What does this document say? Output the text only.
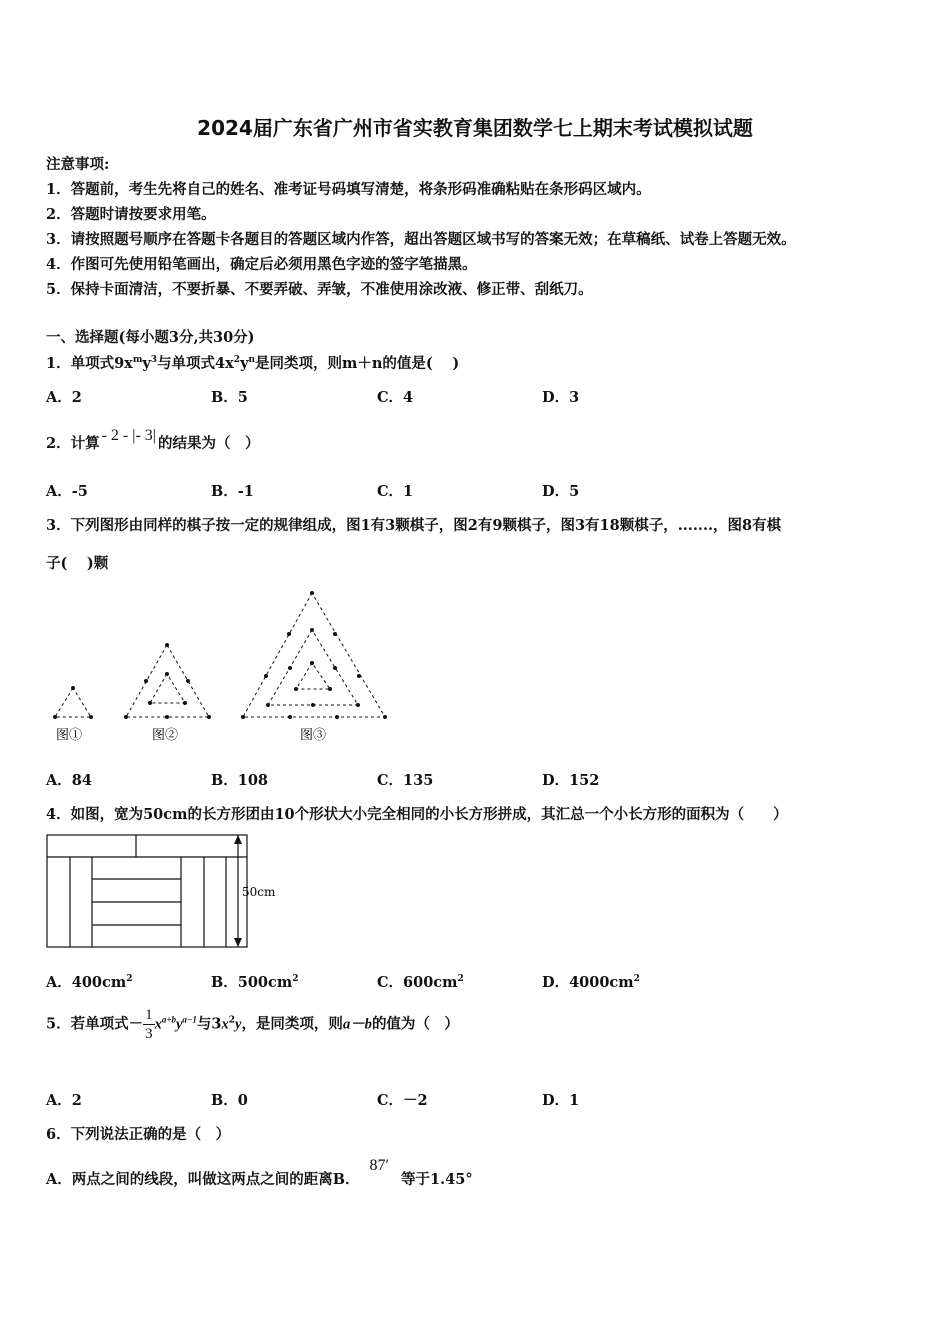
2024届广东省广州市省实教育集团数学七上期末考试模拟试题
注意事项:
1．答题前，考生先将自己的姓名、准考证号码填写清楚，将条形码准确粘贴在条形码区域内。
2．答题时请按要求用笔。
3．请按照题号顺序在答题卡各题目的答题区域内作答，超出答题区域书写的答案无效；在草稿纸、试卷上答题无效。
4．作图可先使用铅笔画出，确定后必须用黑色字迹的签字笔描黑。
5．保持卡面清洁，不要折暴、不要弄破、弄皱，不准使用涂改液、修正带、刮纸刀。
一、选择题(每小题3分,共30分)
1．单项式$9x^my^3$与单项式$4x^2y^n$是同类项，则m＋n的值是(　 )
A．2	B．5	C．4	D．3
2．计算 - 2 - |- 3| 的结果为（　）
A．-5	B．-1	C．1	D．5
3．下列图形由同样的棋子按一定的规律组成，图1有3颗棋子，图2有9颗棋子，图3有18颗棋子，.......，图8有棋
子(　 )颗
图①	图②	图③
A．84	B．108	C．135	D．152
4．如图，宽为50cm的长方形团由10个形状大小完全相同的小长方形拼成，其汇总一个小长方形的面积为（　　）
50cm
A．$400cm^2$	B．$500cm^2$	C．$600cm^2$	D．$4000cm^2$
5．若单项式－ $\frac{1}{3} x^{a+b}y^{a-1}$与$3x^2y$，是同类项，则a－b的值为（　）
A．2	B．0	C．－2	D．1
6．下列说法正确的是（　）
A．两点之间的线段，叫做这两点之间的距离B．87′等于1.45°
